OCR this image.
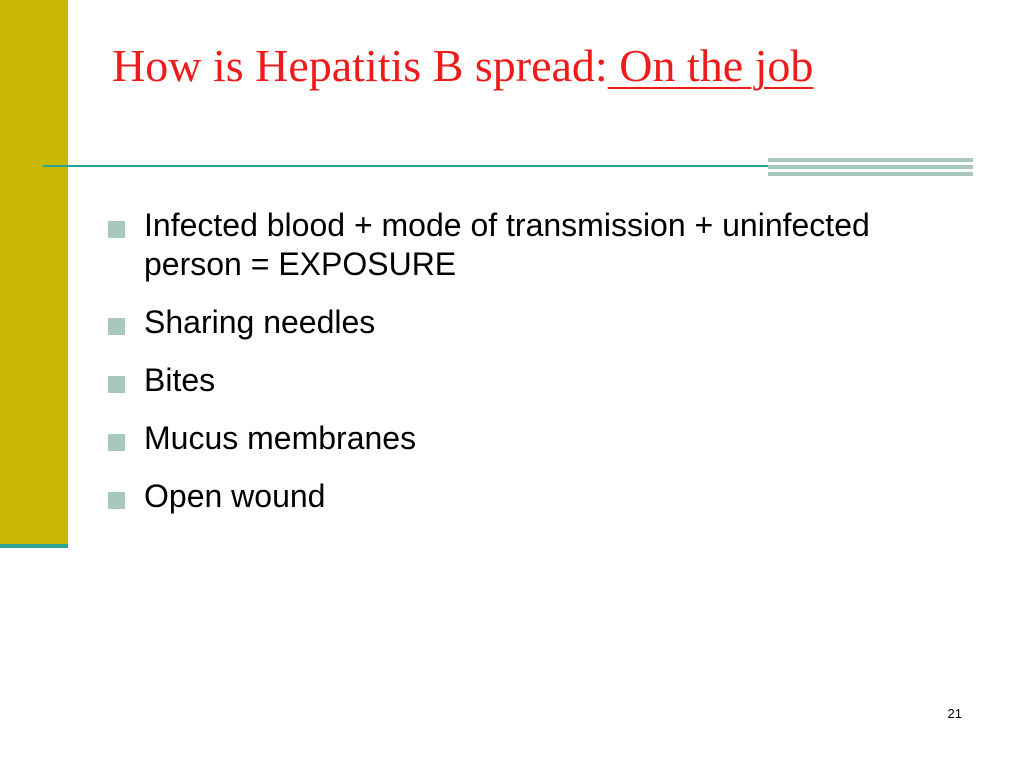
How is Hepatitis B spread: On the job
Infected blood + mode of transmission + uninfected person = EXPOSURE
Sharing needles
Bites
Mucus membranes
Open wound
21
